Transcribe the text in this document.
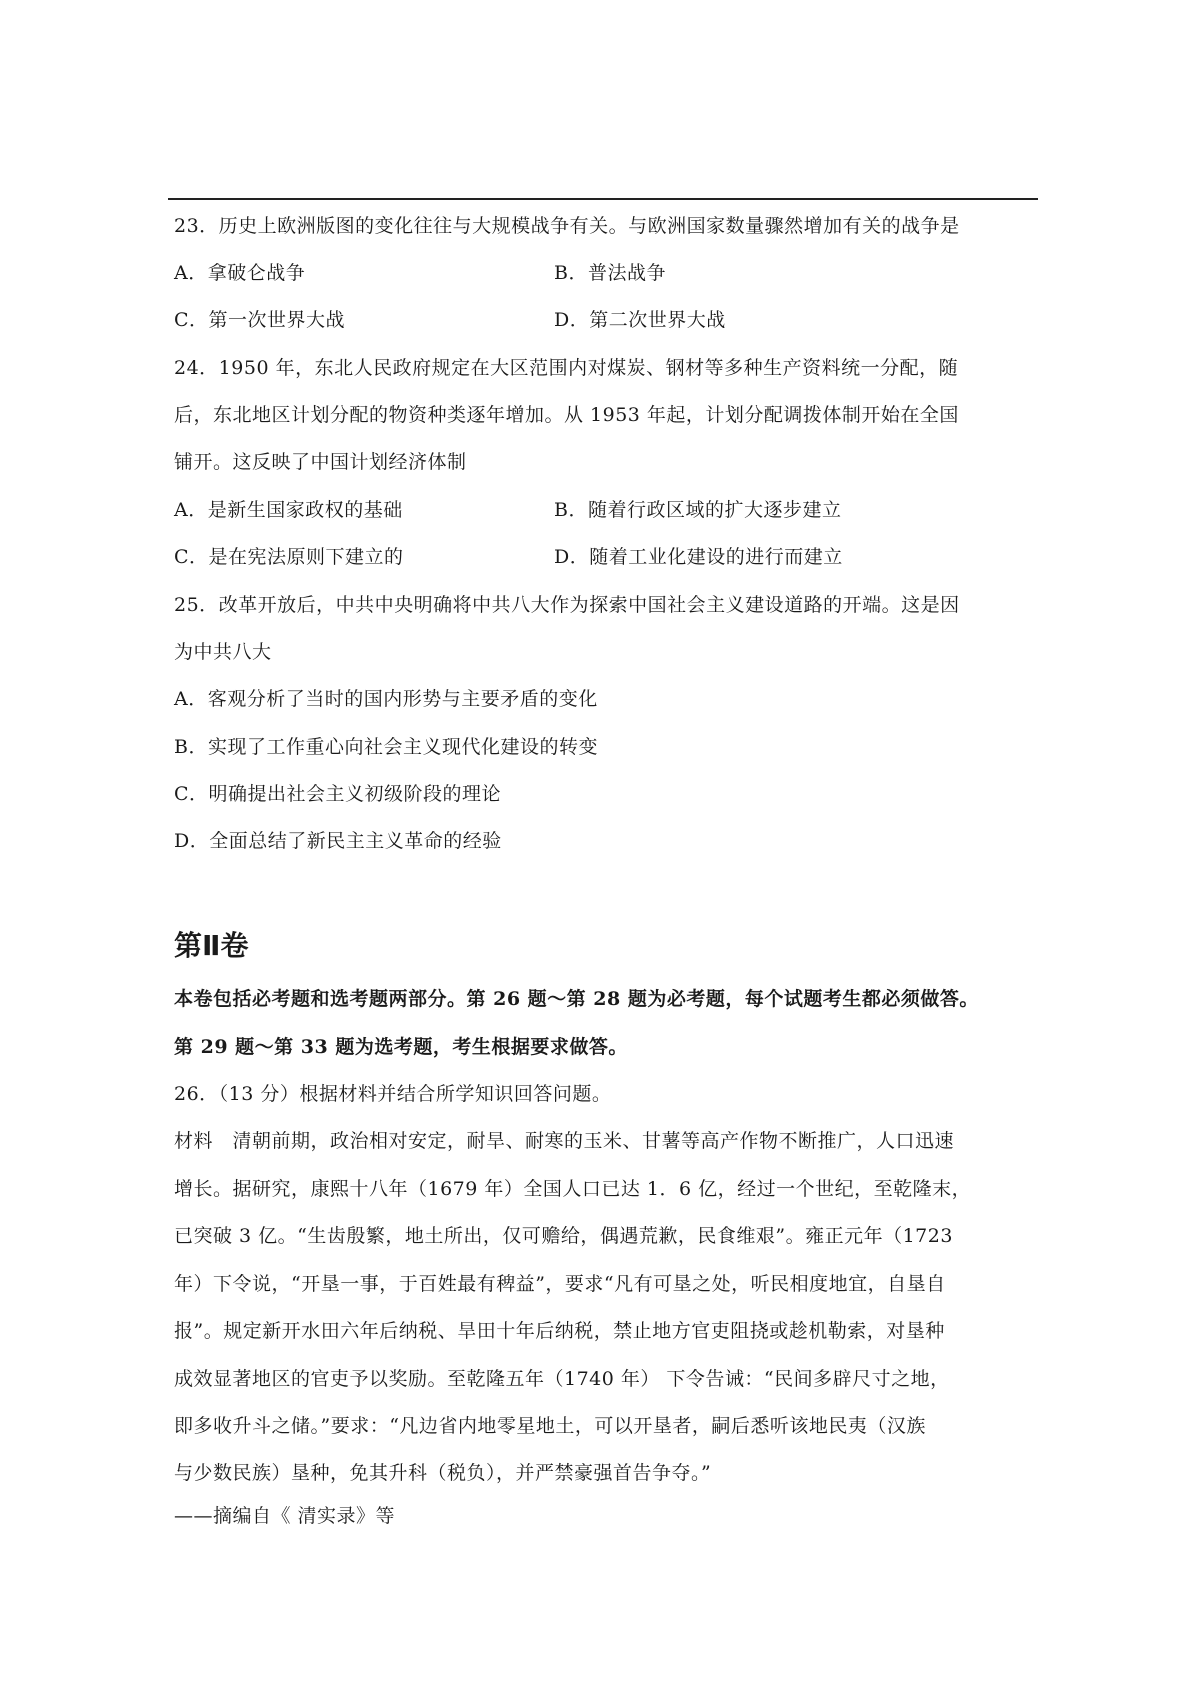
23．历史上欧洲版图的变化往往与大规模战争有关。与欧洲国家数量骤然增加有关的战争是
A．拿破仑战争	B．普法战争
C．第一次世界大战	D．第二次世界大战
24．1950 年，东北人民政府规定在大区范围内对煤炭、钢材等多种生产资料统一分配，随
后，东北地区计划分配的物资种类逐年增加。从 1953 年起，计划分配调拨体制开始在全国
铺开。这反映了中国计划经济体制
A．是新生国家政权的基础	B．随着行政区域的扩大逐步建立
C．是在宪法原则下建立的	D．随着工业化建设的进行而建立
25．改革开放后，中共中央明确将中共八大作为探索中国社会主义建设道路的开端。这是因
为中共八大
A．客观分析了当时的国内形势与主要矛盾的变化
B．实现了工作重心向社会主义现代化建设的转变
C．明确提出社会主义初级阶段的理论
D．全面总结了新民主主义革命的经验
第Ⅱ卷
本卷包括必考题和选考题两部分。第 26 题～第 28 题为必考题，每个试题考生都必须做答。
第 29 题～第 33 题为选考题，考生根据要求做答。
26．（13 分）根据材料并结合所学知识回答问题。
材料　清朝前期，政治相对安定，耐旱、耐寒的玉米、甘薯等高产作物不断推广，人口迅速
增长。据研究，康熙十八年（1679 年）全国人口已达 1．6 亿，经过一个世纪，至乾隆末，
已突破 3 亿。“生齿殷繁，地土所出，仅可赡给，偶遇荒歉，民食维艰”。雍正元年（1723
年）下令说，“开垦一事，于百姓最有稗益”，要求“凡有可垦之处，听民相度地宜，自垦自
报”。规定新开水田六年后纳税、旱田十年后纳税，禁止地方官吏阻挠或趁机勒索，对垦种
成效显著地区的官吏予以奖励。至乾隆五年（1740 年） 下令告诫：“民间多辟尺寸之地，
即多收升斗之储。”要求：“凡边省内地零星地土，可以开垦者，嗣后悉听该地民夷（汉族
与少数民族）垦种，免其升科（税负），并严禁豪强首告争夺。”
——摘编自《 清实录》等
